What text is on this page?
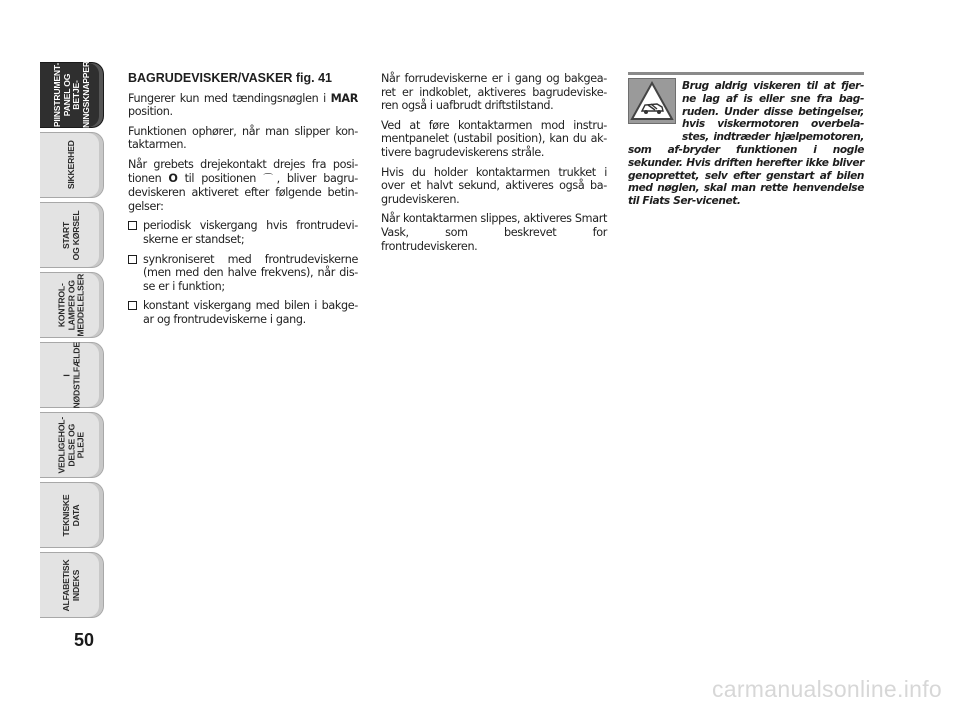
PIINSTRUMENT-
PANEL OG BETJE-
NINGSKNAPPER
SIKKERHED
START
OG KØRSEL
KONTROL-
LAMPER OG
MEDDELELSER
I
NØDSTILFÆLDE
VEDLIGEHOL-
DELSE OG
PLEJE
TEKNISKE
DATA
ALFABETISK
INDEKS
50

BAGRUDEVISKER/VASKER fig. 41

Fungerer kun med tændingsnøglen i MAR position.

Funktionen ophører, når man slipper kon-taktarmen.

Når grebets drejekontakt drejes fra posi-tionen O til positionen ⌒, bliver bagru-deviskeren aktiveret efter følgende betin-gelser:

periodisk viskergang hvis frontrudevi-skerne er standset;
synkroniseret med frontrudeviskerne (men med den halve frekvens), når dis-se er i funktion;
konstant viskergang med bilen i bakge-ar og frontrudeviskerne i gang.

Når forrudeviskerne er i gang og bakgea-ret er indkoblet, aktiveres bagrudeviske-ren også i uafbrudt driftstilstand.

Ved at føre kontaktarmen mod instru-mentpanelet (ustabil position), kan du ak-tivere bagrudeviskerens stråle.

Hvis du holder kontaktarmen trukket i over et halvt sekund, aktiveres også ba-grudeviskeren.

Når kontaktarmen slippes, aktiveres Smart Vask, som beskrevet for frontrudeviskeren.

Brug aldrig viskeren til at fjer-ne lag af is eller sne fra bag-ruden. Under disse betingelser, hvis viskermotoren overbela-stes, indtræder hjælpemotoren, som af-bryder funktionen i nogle sekunder. Hvis driften herefter ikke bliver genoprettet, selv efter genstart af bilen med nøglen, skal man rette henvendelse til Fiats Ser-vicenet.

carmanualsonline.info
